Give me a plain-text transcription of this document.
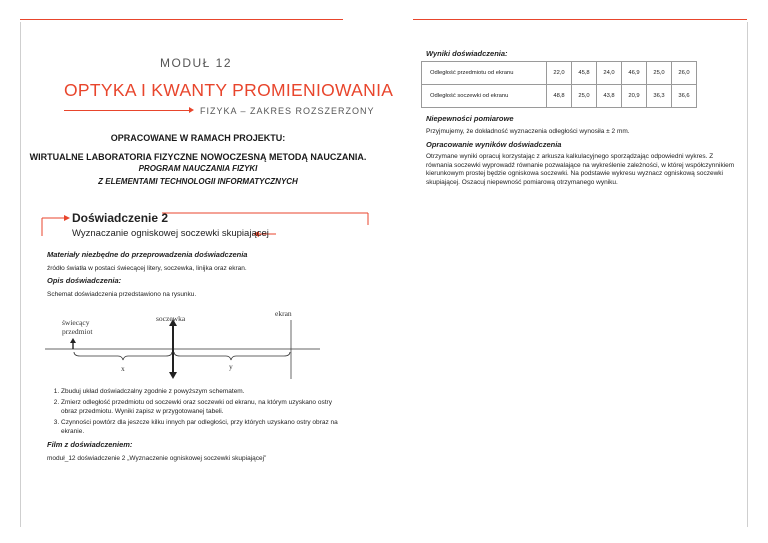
MODUŁ 12
OPTYKA I KWANTY PROMIENIOWANIA
FIZYKA – ZAKRES ROZSZERZONY
OPRACOWANE W RAMACH PROJEKTU:
WIRTUALNE LABORATORIA FIZYCZNE NOWOCZESNĄ METODĄ NAUCZANIA.
PROGRAM NAUCZANIA FIZYKI
Z ELEMENTAMI TECHNOLOGII INFORMATYCZNYCH
Doświadczenie 2
Wyznaczanie ogniskowej soczewki skupiającej
Materiały niezbędne do przeprowadzenia doświadczenia
źródło światła w postaci świecącej litery, soczewka, linijka oraz ekran.
Opis doświadczenia:
Schemat doświadczenia przedstawiono na rysunku.
ekran
soczewka
świecący
przedmiot
x	y
1. Zbuduj układ doświadczalny zgodnie z powyższym schematem.
2. Zmierz odległość przedmiotu od soczewki oraz soczewki od ekranu, na którym uzyskano ostry obraz przedmiotu. Wyniki zapisz w przygotowanej tabeli.
3. Czynności powtórz dla jeszcze kilku innych par odległości, przy których uzyskano ostry obraz na ekranie.
Film z doświadczeniem:
moduł_12 doświadczenie 2 „Wyznaczenie ogniskowej soczewki skupiającej”
Wyniki doświadczenia:
Odległość przedmiotu od ekranu	22,0	45,8	24,0	46,9	25,0	26,0
Odległość soczewki od ekranu	48,8	25,0	43,8	20,9	36,3	36,6
Niepewności pomiarowe
Przyjmujemy, że dokładność wyznaczenia odległości wynosiła ± 2 mm.
Opracowanie wyników doświadczenia
Otrzymane wyniki opracuj korzystając z arkusza kalkulacyjnego sporządzając odpowiedni wykres. Z równania soczewki wyprowadź równanie pozwalające na wykreślenie zależności, w której współczynnikiem kierunkowym prostej będzie ogniskowa soczewki. Na podstawie wykresu wyznacz ogniskową soczewki skupiającej. Oszacuj niepewność pomiarową otrzymanego wyniku.
